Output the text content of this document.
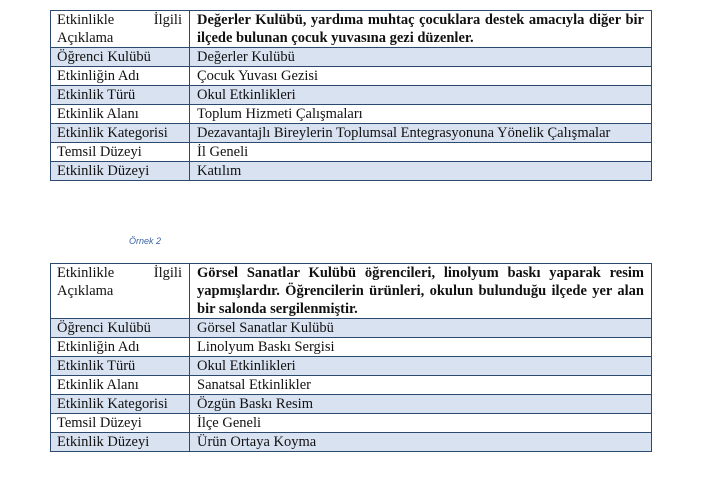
Etkinlikle İlgili
Açıklama	Değerler Kulübü, yardıma muhtaç çocuklara destek amacıyla diğer bir ilçede bulunan çocuk yuvasına gezi düzenler.
Öğrenci Kulübü	Değerler Kulübü
Etkinliğin Adı	Çocuk Yuvası Gezisi
Etkinlik Türü	Okul Etkinlikleri
Etkinlik Alanı	Toplum Hizmeti Çalışmaları
Etkinlik Kategorisi	Dezavantajlı Bireylerin Toplumsal Entegrasyonuna Yönelik Çalışmalar
Temsil Düzeyi	İl Geneli
Etkinlik Düzeyi	Katılım
Örnek 2
Etkinlikle İlgili
Açıklama	Görsel Sanatlar Kulübü öğrencileri, linolyum baskı yaparak resim yapmışlardır. Öğrencilerin ürünleri, okulun bulunduğu ilçede yer alan bir salonda sergilenmiştir.
Öğrenci Kulübü	Görsel Sanatlar Kulübü
Etkinliğin Adı	Linolyum Baskı Sergisi
Etkinlik Türü	Okul Etkinlikleri
Etkinlik Alanı	Sanatsal Etkinlikler
Etkinlik Kategorisi	Özgün Baskı Resim
Temsil Düzeyi	İlçe Geneli
Etkinlik Düzeyi	Ürün Ortaya Koyma
